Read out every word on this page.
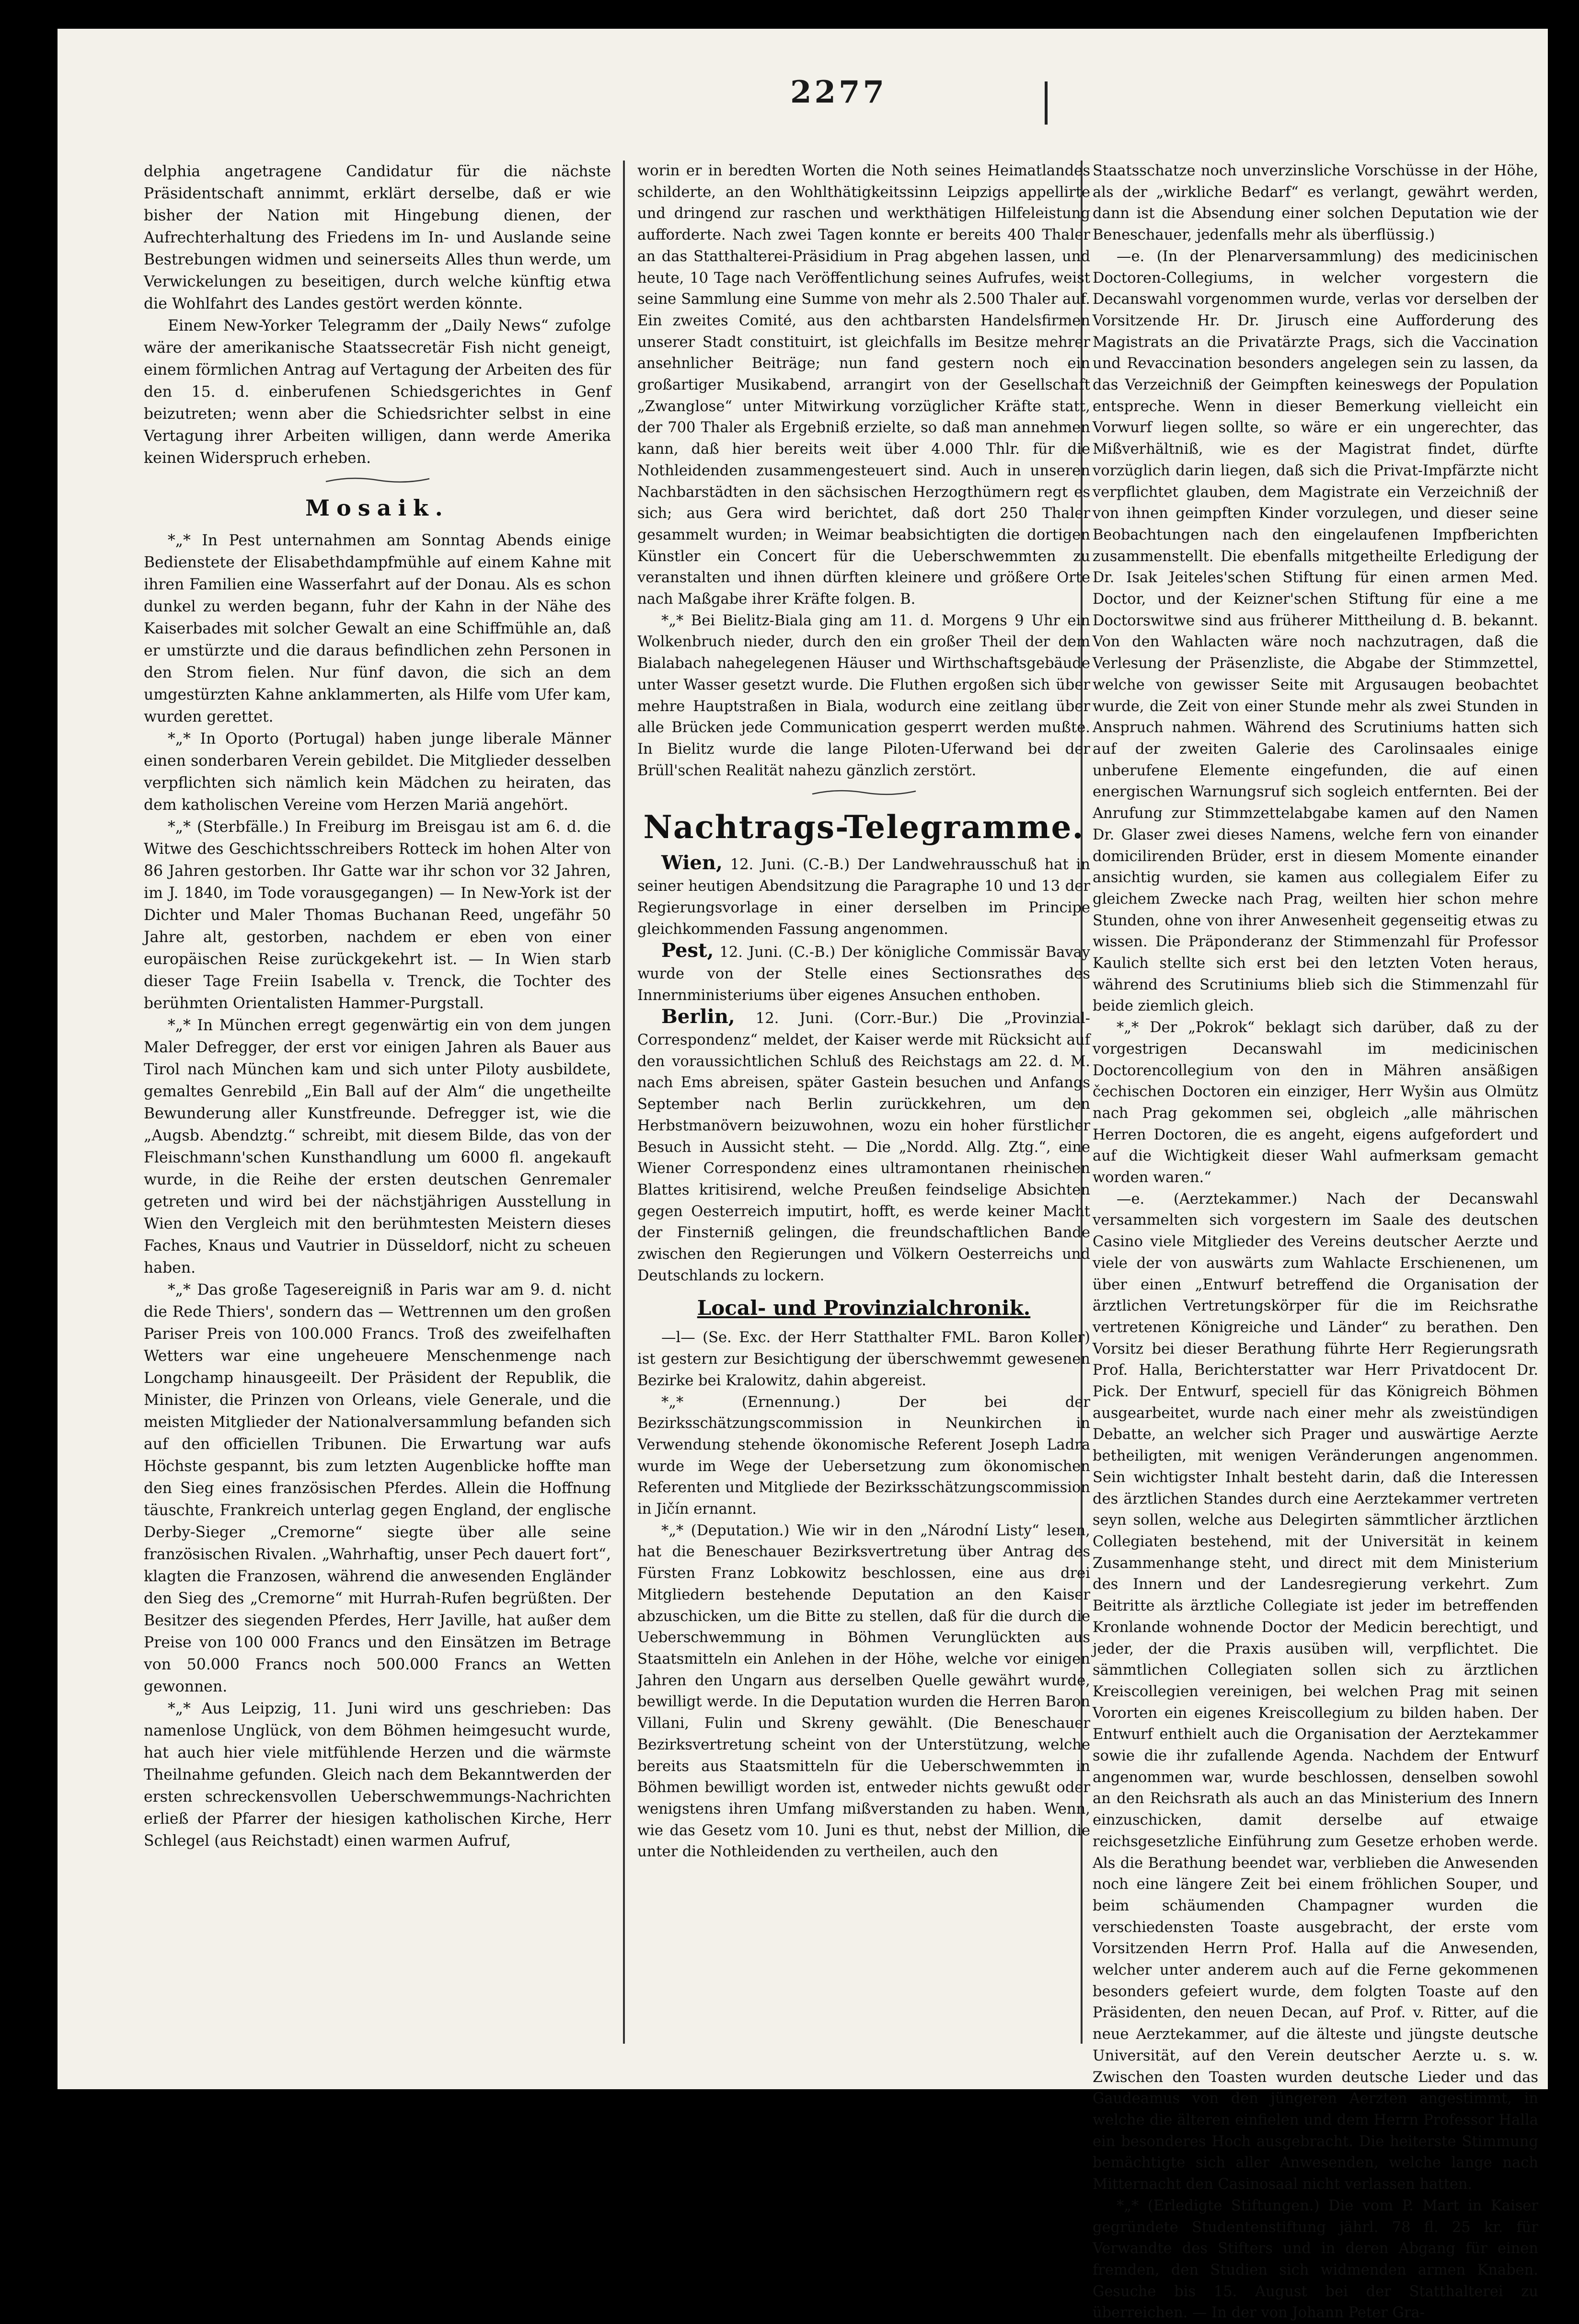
2277

delphia angetragene Candidatur für die nächste Präsidentschaft annimmt, erklärt derselbe, daß er wie bisher der Nation mit Hingebung dienen, der Aufrechterhaltung des Friedens im In- und Auslande seine Bestrebungen widmen und seinerseits Alles thun werde, um Verwickelungen zu beseitigen, durch welche künftig etwa die Wohlfahrt des Landes gestört werden könnte.

Einem New-Yorker Telegramm der „Daily News“ zufolge wäre der amerikanische Staatssecretär Fish nicht geneigt, einem förmlichen Antrag auf Vertagung der Arbeiten des für den 15. d. einberufenen Schiedsgerichtes in Genf beizutreten; wenn aber die Schiedsrichter selbst in eine Vertagung ihrer Arbeiten willigen, dann werde Amerika keinen Widerspruch erheben.

Mosaik.

*„* In Pest unternahmen am Sonntag Abends einige Bedienstete der Elisabethdampfmühle auf einem Kahne mit ihren Familien eine Wasserfahrt auf der Donau. Als es schon dunkel zu werden begann, fuhr der Kahn in der Nähe des Kaiserbades mit solcher Gewalt an eine Schiffmühle an, daß er umstürzte und die daraus befindlichen zehn Personen in den Strom fielen. Nur fünf davon, die sich an dem umgestürzten Kahne anklammerten, als Hilfe vom Ufer kam, wurden gerettet.

*„* In Oporto (Portugal) haben junge liberale Männer einen sonderbaren Verein gebildet. Die Mitglieder desselben verpflichten sich nämlich kein Mädchen zu heiraten, das dem katholischen Vereine vom Herzen Mariä angehört.

*„* (Sterbfälle.) In Freiburg im Breisgau ist am 6. d. die Witwe des Geschichtsschreibers Rotteck im hohen Alter von 86 Jahren gestorben. Ihr Gatte war ihr schon vor 32 Jahren, im J. 1840, im Tode vorausgegangen) — In New-York ist der Dichter und Maler Thomas Buchanan Reed, ungefähr 50 Jahre alt, gestorben, nachdem er eben von einer europäischen Reise zurückgekehrt ist. — In Wien starb dieser Tage Freiin Isabella v. Trenck, die Tochter des berühmten Orientalisten Hammer-Purgstall.

*„* In München erregt gegenwärtig ein von dem jungen Maler Defregger, der erst vor einigen Jahren als Bauer aus Tirol nach München kam und sich unter Piloty ausbildete, gemaltes Genrebild „Ein Ball auf der Alm“ die ungetheilte Bewunderung aller Kunstfreunde. Defregger ist, wie die „Augsb. Abendztg.“ schreibt, mit diesem Bilde, das von der Fleischmann'schen Kunsthandlung um 6000 fl. angekauft wurde, in die Reihe der ersten deutschen Genremaler getreten und wird bei der nächstjährigen Ausstellung in Wien den Vergleich mit den berühmtesten Meistern dieses Faches, Knaus und Vautrier in Düsseldorf, nicht zu scheuen haben.

*„* Das große Tagesereigniß in Paris war am 9. d. nicht die Rede Thiers', sondern das — Wettrennen um den großen Pariser Preis von 100.000 Francs. Troß des zweifelhaften Wetters war eine ungeheuere Menschenmenge nach Longchamp hinausgeeilt. Der Präsident der Republik, die Minister, die Prinzen von Orleans, viele Generale, und die meisten Mitglieder der Nationalversammlung befanden sich auf den officiellen Tribunen. Die Erwartung war aufs Höchste gespannt, bis zum letzten Augenblicke hoffte man den Sieg eines französischen Pferdes. Allein die Hoffnung täuschte, Frankreich unterlag gegen England, der englische Derby-Sieger „Cremorne“ siegte über alle seine französischen Rivalen. „Wahrhaftig, unser Pech dauert fort“, klagten die Franzosen, während die anwesenden Engländer den Sieg des „Cremorne“ mit Hurrah-Rufen begrüßten. Der Besitzer des siegenden Pferdes, Herr Javille, hat außer dem Preise von 100 000 Francs und den Einsätzen im Betrage von 50.000 Francs noch 500.000 Francs an Wetten gewonnen.

*„* Aus Leipzig, 11. Juni wird uns geschrieben: Das namenlose Unglück, von dem Böhmen heimgesucht wurde, hat auch hier viele mitfühlende Herzen und die wärmste Theilnahme gefunden. Gleich nach dem Bekanntwerden der ersten schreckensvollen Ueberschwemmungs-Nachrichten erließ der Pfarrer der hiesigen katholischen Kirche, Herr Schlegel (aus Reichstadt) einen warmen Aufruf,

worin er in beredten Worten die Noth seines Heimatlandes schilderte, an den Wohlthätigkeitssinn Leipzigs appellirte und dringend zur raschen und werkthätigen Hilfeleistung aufforderte. Nach zwei Tagen konnte er bereits 400 Thaler an das Statthalterei-Präsidium in Prag abgehen lassen, und heute, 10 Tage nach Veröffentlichung seines Aufrufes, weist seine Sammlung eine Summe von mehr als 2.500 Thaler auf. Ein zweites Comité, aus den achtbarsten Handelsfirmen unserer Stadt constituirt, ist gleichfalls im Besitze mehrer ansehnlicher Beiträge; nun fand gestern noch ein großartiger Musikabend, arrangirt von der Gesellschaft „Zwanglose“ unter Mitwirkung vorzüglicher Kräfte statt, der 700 Thaler als Ergebniß erzielte, so daß man annehmen kann, daß hier bereits weit über 4.000 Thlr. für die Nothleidenden zusammengesteuert sind. Auch in unseren Nachbarstädten in den sächsischen Herzogthümern regt es sich; aus Gera wird berichtet, daß dort 250 Thaler gesammelt wurden; in Weimar beabsichtigten die dortigen Künstler ein Concert für die Ueberschwemmten zu veranstalten und ihnen dürften kleinere und größere Orte nach Maßgabe ihrer Kräfte folgen. B.

*„* Bei Bielitz-Biala ging am 11. d. Morgens 9 Uhr ein Wolkenbruch nieder, durch den ein großer Theil der dem Bialabach nahegelegenen Häuser und Wirthschaftsgebäude unter Wasser gesetzt wurde. Die Fluthen ergoßen sich über mehre Hauptstraßen in Biala, wodurch eine zeitlang über alle Brücken jede Communication gesperrt werden mußte. In Bielitz wurde die lange Piloten-Uferwand bei der Brüll'schen Realität nahezu gänzlich zerstört.

Nachtrags-Telegramme.

Wien, 12. Juni. (C.-B.) Der Landwehrausschuß hat in seiner heutigen Abendsitzung die Paragraphe 10 und 13 der Regierungsvorlage in einer derselben im Principe gleichkommenden Fassung angenommen.

Pest, 12. Juni. (C.-B.) Der königliche Commissär Bavay wurde von der Stelle eines Sectionsrathes des Innernministeriums über eigenes Ansuchen enthoben.

Berlin, 12. Juni. (Corr.-Bur.) Die „Provinzial-Correspondenz“ meldet, der Kaiser werde mit Rücksicht auf den voraussichtlichen Schluß des Reichstags am 22. d. M. nach Ems abreisen, später Gastein besuchen und Anfangs September nach Berlin zurückkehren, um den Herbstmanövern beizuwohnen, wozu ein hoher fürstlicher Besuch in Aussicht steht. — Die „Nordd. Allg. Ztg.“, eine Wiener Correspondenz eines ultramontanen rheinischen Blattes kritisirend, welche Preußen feindselige Absichten gegen Oesterreich imputirt, hofft, es werde keiner Macht der Finsterniß gelingen, die freundschaftlichen Bande zwischen den Regierungen und Völkern Oesterreichs und Deutschlands zu lockern.

Local- und Provinzialchronik.

—l— (Se. Exc. der Herr Statthalter FML. Baron Koller) ist gestern zur Besichtigung der überschwemmt gewesenen Bezirke bei Kralowitz, dahin abgereist.

*„* (Ernennung.) Der bei der Bezirksschätzungscommission in Neunkirchen in Verwendung stehende ökonomische Referent Joseph Ladra wurde im Wege der Uebersetzung zum ökonomischen Referenten und Mitgliede der Bezirksschätzungscommission in Jičín ernannt.

*„* (Deputation.) Wie wir in den „Národní Listy“ lesen, hat die Beneschauer Bezirksvertretung über Antrag des Fürsten Franz Lobkowitz beschlossen, eine aus drei Mitgliedern bestehende Deputation an den Kaiser abzuschicken, um die Bitte zu stellen, daß für die durch die Ueberschwemmung in Böhmen Verunglückten aus Staatsmitteln ein Anlehen in der Höhe, welche vor einigen Jahren den Ungarn aus derselben Quelle gewährt wurde, bewilligt werde. In die Deputation wurden die Herren Baron Villani, Fulin und Skreny gewählt. (Die Beneschauer Bezirksvertretung scheint von der Unterstützung, welche bereits aus Staatsmitteln für die Ueberschwemmten in Böhmen bewilligt worden ist, entweder nichts gewußt oder wenigstens ihren Umfang mißverstanden zu haben. Wenn, wie das Gesetz vom 10. Juni es thut, nebst der Million, die unter die Nothleidenden zu vertheilen, auch den

Staatsschatze noch unverzinsliche Vorschüsse in der Höhe, als der „wirkliche Bedarf“ es verlangt, gewährt werden, dann ist die Absendung einer solchen Deputation wie der Beneschauer, jedenfalls mehr als überflüssig.)

—e. (In der Plenarversammlung) des medicinischen Doctoren-Collegiums, in welcher vorgestern die Decanswahl vorgenommen wurde, verlas vor derselben der Vorsitzende Hr. Dr. Jirusch eine Aufforderung des Magistrats an die Privatärzte Prags, sich die Vaccination und Revaccination besonders angelegen sein zu lassen, da das Verzeichniß der Geimpften keineswegs der Population entspreche. Wenn in dieser Bemerkung vielleicht ein Vorwurf liegen sollte, so wäre er ein ungerechter, das Mißverhältniß, wie es der Magistrat findet, dürfte vorzüglich darin liegen, daß sich die Privat-Impfärzte nicht verpflichtet glauben, dem Magistrate ein Verzeichniß der von ihnen geimpften Kinder vorzulegen, und dieser seine Beobachtungen nach den eingelaufenen Impfberichten zusammenstellt. Die ebenfalls mitgetheilte Erledigung der Dr. Isak Jeiteles'schen Stiftung für einen armen Med. Doctor, und der Keizner'schen Stiftung für eine a me Doctorswitwe sind aus früherer Mittheilung d. B. bekannt. Von den Wahlacten wäre noch nachzutragen, daß die Verlesung der Präsenzliste, die Abgabe der Stimmzettel, welche von gewisser Seite mit Argusaugen beobachtet wurde, die Zeit von einer Stunde mehr als zwei Stunden in Anspruch nahmen. Während des Scrutiniums hatten sich auf der zweiten Galerie des Carolinsaales einige unberufene Elemente eingefunden, die auf einen energischen Warnungsruf sich sogleich entfernten. Bei der Anrufung zur Stimmzettelabgabe kamen auf den Namen Dr. Glaser zwei dieses Namens, welche fern von einander domicilirenden Brüder, erst in diesem Momente einander ansichtig wurden, sie kamen aus collegialem Eifer zu gleichem Zwecke nach Prag, weilten hier schon mehre Stunden, ohne von ihrer Anwesenheit gegenseitig etwas zu wissen. Die Präponderanz der Stimmenzahl für Professor Kaulich stellte sich erst bei den letzten Voten heraus, während des Scrutiniums blieb sich die Stimmenzahl für beide ziemlich gleich.

*„* Der „Pokrok“ beklagt sich darüber, daß zu der vorgestrigen Decanswahl im medicinischen Doctorencollegium von den in Mähren ansäßigen čechischen Doctoren ein einziger, Herr Wyšin aus Olmütz nach Prag gekommen sei, obgleich „alle mährischen Herren Doctoren, die es angeht, eigens aufgefordert und auf die Wichtigkeit dieser Wahl aufmerksam gemacht worden waren.“

—e. (Aerztekammer.) Nach der Decanswahl versammelten sich vorgestern im Saale des deutschen Casino viele Mitglieder des Vereins deutscher Aerzte und viele der von auswärts zum Wahlacte Erschienenen, um über einen „Entwurf betreffend die Organisation der ärztlichen Vertretungskörper für die im Reichsrathe vertretenen Königreiche und Länder“ zu berathen. Den Vorsitz bei dieser Berathung führte Herr Regierungsrath Prof. Halla, Berichterstatter war Herr Privatdocent Dr. Pick. Der Entwurf, speciell für das Königreich Böhmen ausgearbeitet, wurde nach einer mehr als zweistündigen Debatte, an welcher sich Prager und auswärtige Aerzte betheiligten, mit wenigen Veränderungen angenommen. Sein wichtigster Inhalt besteht darin, daß die Interessen des ärztlichen Standes durch eine Aerztekammer vertreten seyn sollen, welche aus Delegirten sämmtlicher ärztlichen Collegiaten bestehend, mit der Universität in keinem Zusammenhange steht, und direct mit dem Ministerium des Innern und der Landesregierung verkehrt. Zum Beitritte als ärztliche Collegiate ist jeder im betreffenden Kronlande wohnende Doctor der Medicin berechtigt, und jeder, der die Praxis ausüben will, verpflichtet. Die sämmtlichen Collegiaten sollen sich zu ärztlichen Kreiscollegien vereinigen, bei welchen Prag mit seinen Vororten ein eigenes Kreiscollegium zu bilden haben. Der Entwurf enthielt auch die Organisation der Aerztekammer sowie die ihr zufallende Agenda. Nachdem der Entwurf angenommen war, wurde beschlossen, denselben sowohl an den Reichsrath als auch an das Ministerium des Innern einzuschicken, damit derselbe auf etwaige reichsgesetzliche Einführung zum Gesetze erhoben werde. Als die Berathung beendet war, verblieben die Anwesenden noch eine längere Zeit bei einem fröhlichen Souper, und beim schäumenden Champagner wurden die verschiedensten Toaste ausgebracht, der erste vom Vorsitzenden Herrn Prof. Halla auf die Anwesenden, welcher unter anderem auch auf die Ferne gekommenen besonders gefeiert wurde, dem folgten Toaste auf den Präsidenten, den neuen Decan, auf Prof. v. Ritter, auf die neue Aerztekammer, auf die älteste und jüngste deutsche Universität, auf den Verein deutscher Aerzte u. s. w. Zwischen den Toasten wurden deutsche Lieder und das Gaudeamus von den jüngeren Aerzten angestimmt, in welche die älteren einfielen und dem Herrn Professor Halla ein besonderes Hoch ausgebracht. Die heiterste Stimmung bemächtigte sich aller Anwesenden, welche lange nach Mitternacht den Casinosaal nicht verlassen hatten.

*„* (Erledigte Stiftungen.) Die vom P. Mart in Kaiser gegründete Studentenstiftung jährl. 78 fl. 25 kr. für Verwandte des Stifters und in deren Abgang für einen fremden, den Studien sich widmenden armen Knaben. Gesuche bis 15. August bei der Statthalterei zu überreichen. — In der von Johann Peter Gra-
